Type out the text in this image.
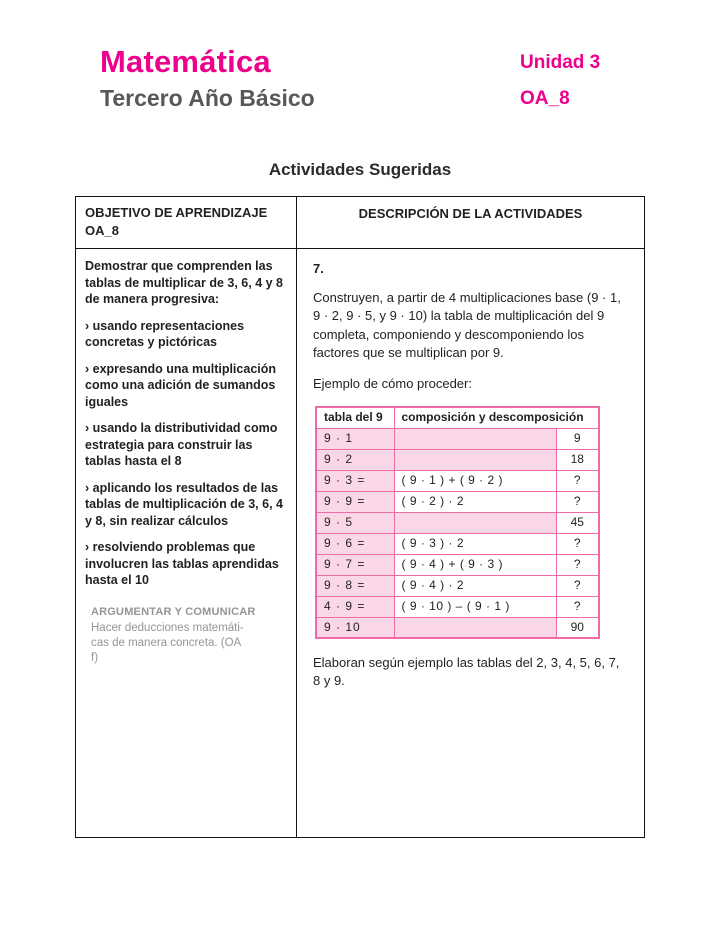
Matemática
Tercero Año Básico
Unidad 3
OA_8
Actividades Sugeridas
OBJETIVO DE APRENDIZAJE
OA_8
DESCRIPCIÓN DE LA ACTIVIDADES

Demostrar que comprenden las tablas de multiplicar de 3, 6, 4 y 8 de manera progresiva:

› usando representaciones concretas y pictóricas

› expresando una multiplicación como una adición de sumandos iguales

› usando la distributividad como estrategia para construir las tablas hasta el 8

› aplicando los resultados de las tablas de multiplicación de 3, 6, 4 y 8, sin realizar cálculos

› resolviendo problemas que involucren las tablas aprendidas hasta el 10

ARGUMENTAR Y COMUNICAR
Hacer deducciones matemáti-cas de manera concreta. (OA f)

7.

Construyen, a partir de 4 multiplicaciones base (9 · 1, 9 · 2, 9 · 5, y 9 · 10) la tabla de multiplicación del 9 completa, componiendo y descomponiendo los factores que se multiplican por 9.

Ejemplo de cómo proceder:

tabla del 9	composición y descomposición	
9 · 1		9
9 · 2		18
9 · 3 =	( 9 · 1 ) + ( 9 · 2 )	?
9 · 9 =	( 9 · 2 ) · 2	?
9 · 5		45
9 · 6 =	( 9 · 3 ) · 2	?
9 · 7 =	( 9 · 4 ) + ( 9 · 3 )	?
9 · 8 =	( 9 · 4 ) · 2	?
4 · 9 =	( 9 · 10 ) – ( 9 · 1 )	?
9 · 10		90

Elaboran según ejemplo las tablas del 2, 3, 4, 5, 6, 7, 8 y 9.
